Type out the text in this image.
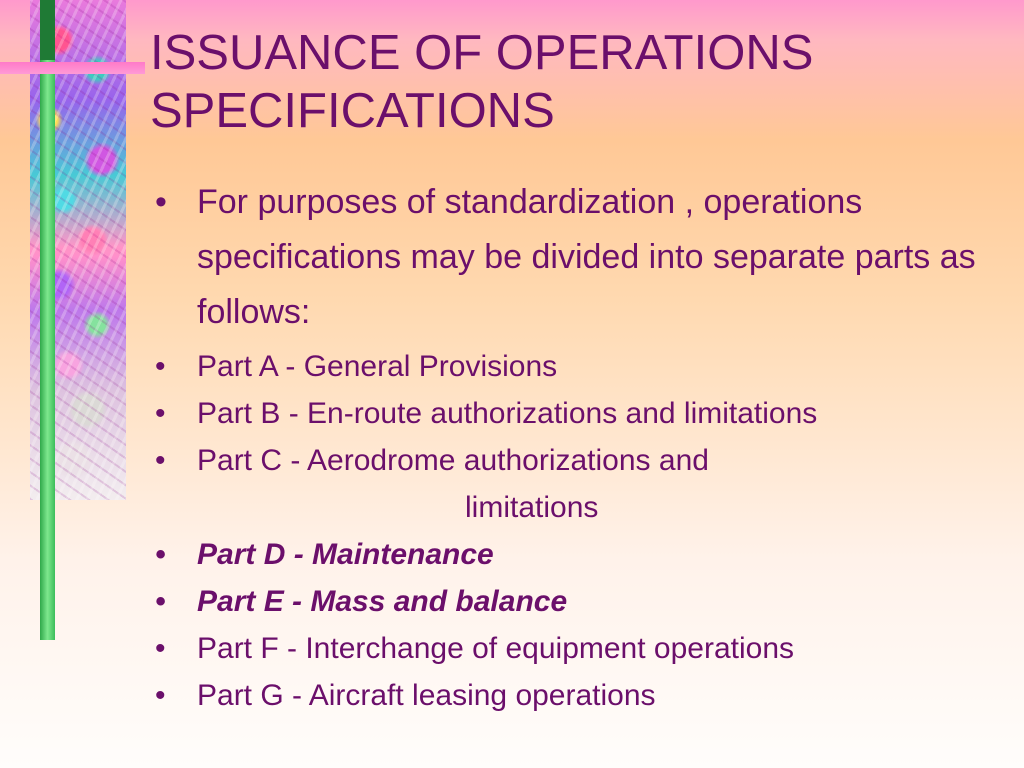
ISSUANCE OF OPERATIONS SPECIFICATIONS
• For purposes of standardization , operations specifications may be divided into separate parts as follows:
• Part A - General Provisions
• Part B - En-route authorizations and limitations
• Part C - Aerodrome authorizations and
limitations
• Part D - Maintenance
• Part E - Mass and balance
• Part F - Interchange of equipment operations
• Part G - Aircraft leasing operations
